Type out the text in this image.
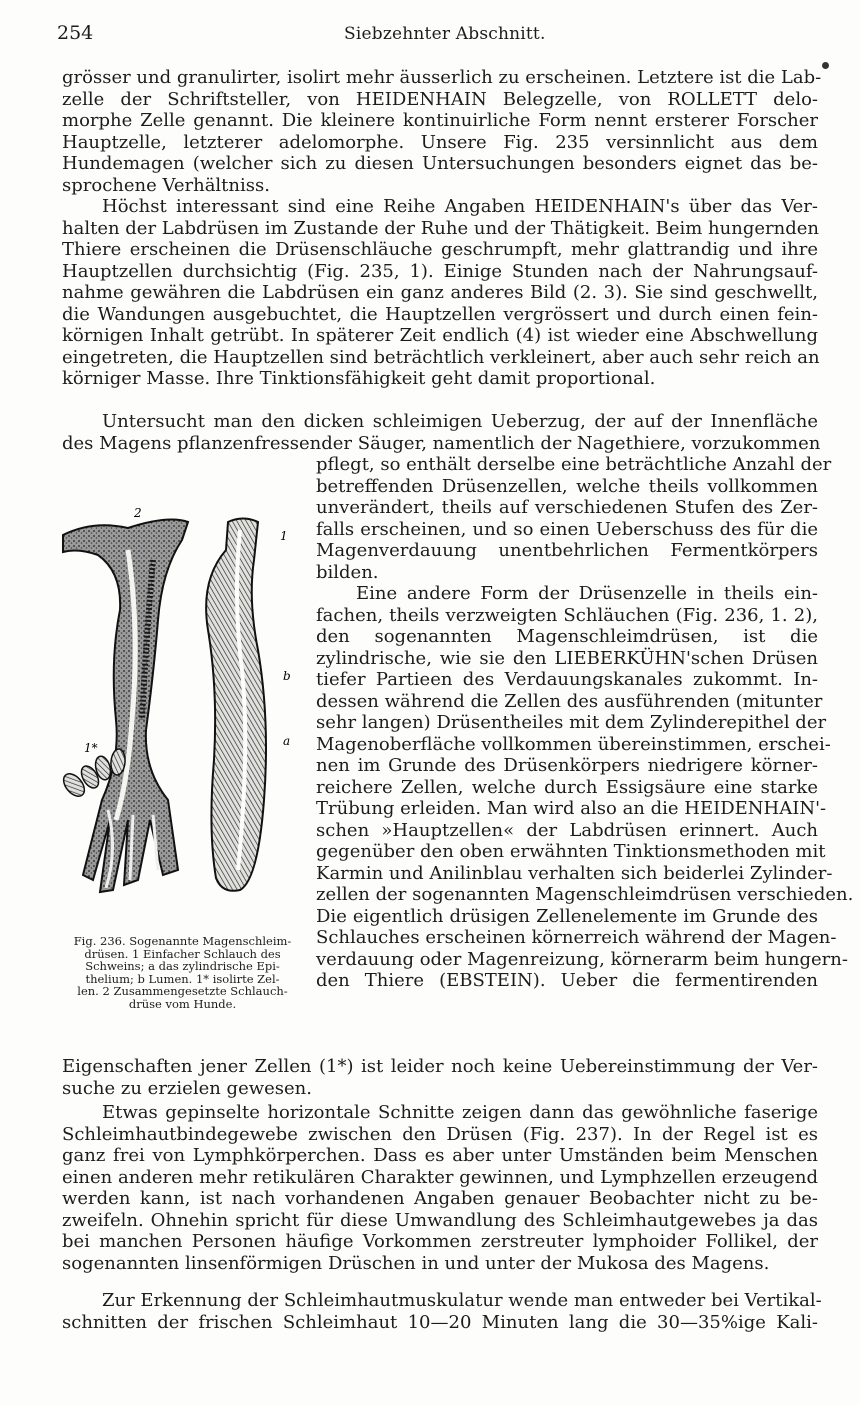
254	Siebzehnter Abschnitt.
grösser und granulirter, isolirt mehr äusserlich zu erscheinen. Letztere ist die Lab-
zelle der Schriftsteller, von HEIDENHAIN Belegzelle, von ROLLETT delo-
morphe Zelle genannt. Die kleinere kontinuirliche Form nennt ersterer Forscher
Hauptzelle, letzterer adelomorphe. Unsere Fig. 235 versinnlicht aus dem
Hundemagen (welcher sich zu diesen Untersuchungen besonders eignet das be-
sprochene Verhältniss.
Höchst interessant sind eine Reihe Angaben HEIDENHAIN's über das Ver-
halten der Labdrüsen im Zustande der Ruhe und der Thätigkeit. Beim hungernden
Thiere erscheinen die Drüsenschläuche geschrumpft, mehr glattrandig und ihre
Hauptzellen durchsichtig (Fig. 235, 1). Einige Stunden nach der Nahrungsauf-
nahme gewähren die Labdrüsen ein ganz anderes Bild (2. 3). Sie sind geschwellt,
die Wandungen ausgebuchtet, die Hauptzellen vergrössert und durch einen fein-
körnigen Inhalt getrübt. In späterer Zeit endlich (4) ist wieder eine Abschwellung
eingetreten, die Hauptzellen sind beträchtlich verkleinert, aber auch sehr reich an
körniger Masse. Ihre Tinktionsfähigkeit geht damit proportional.
Untersucht man den dicken schleimigen Ueberzug, der auf der Innenfläche
des Magens pflanzenfressender Säuger, namentlich der Nagethiere, vorzukommen
pflegt, so enthält derselbe eine beträchtliche Anzahl der
betreffenden Drüsenzellen, welche theils vollkommen
unverändert, theils auf verschiedenen Stufen des Zer-
falls erscheinen, und so einen Ueberschuss des für die
Magenverdauung unentbehrlichen Fermentkörpers
bilden.
Eine andere Form der Drüsenzelle in theils ein-
fachen, theils verzweigten Schläuchen (Fig. 236, 1. 2),
den sogenannten Magenschleimdrüsen, ist die
zylindrische, wie sie den LIEBERKÜHN'schen Drüsen
tiefer Partieen des Verdauungskanales zukommt. In-
dessen während die Zellen des ausführenden (mitunter
sehr langen) Drüsentheiles mit dem Zylinderepithel der
Magenoberfläche vollkommen übereinstimmen, erschei-
nen im Grunde des Drüsenkörpers niedrigere körner-
reichere Zellen, welche durch Essigsäure eine starke
Trübung erleiden. Man wird also an die HEIDENHAIN'-
schen »Hauptzellen« der Labdrüsen erinnert. Auch
gegenüber den oben erwähnten Tinktionsmethoden mit
Karmin und Anilinblau verhalten sich beiderlei Zylinder-
zellen der sogenannten Magenschleimdrüsen verschieden.
Die eigentlich drüsigen Zellenelemente im Grunde des
Schlauches erscheinen körnerreich während der Magen-
verdauung oder Magenreizung, körnerarm beim hungern-
den Thiere (EBSTEIN). Ueber die fermentirenden
Eigenschaften jener Zellen (1*) ist leider noch keine Uebereinstimmung der Ver-
suche zu erzielen gewesen.
Etwas gepinselte horizontale Schnitte zeigen dann das gewöhnliche faserige
Schleimhautbindegewebe zwischen den Drüsen (Fig. 237). In der Regel ist es
ganz frei von Lymphkörperchen. Dass es aber unter Umständen beim Menschen
einen anderen mehr retikulären Charakter gewinnen, und Lymphzellen erzeugend
werden kann, ist nach vorhandenen Angaben genauer Beobachter nicht zu be-
zweifeln. Ohnehin spricht für diese Umwandlung des Schleimhautgewebes ja das
bei manchen Personen häufige Vorkommen zerstreuter lymphoider Follikel, der
sogenannten linsenförmigen Drüschen in und unter der Mukosa des Magens.
Zur Erkennung der Schleimhautmuskulatur wende man entweder bei Vertikal-
schnitten der frischen Schleimhaut 10—20 Minuten lang die 30—35%ige Kali-
2
1
b
a
1*
Fig. 236. Sogenannte Magenschleim-
drüsen. 1 Einfacher Schlauch des
Schweins; a das zylindrische Epi-
thelium; b Lumen. 1* isolirte Zel-
len. 2 Zusammengesetzte Schlauch-
drüse vom Hunde.
